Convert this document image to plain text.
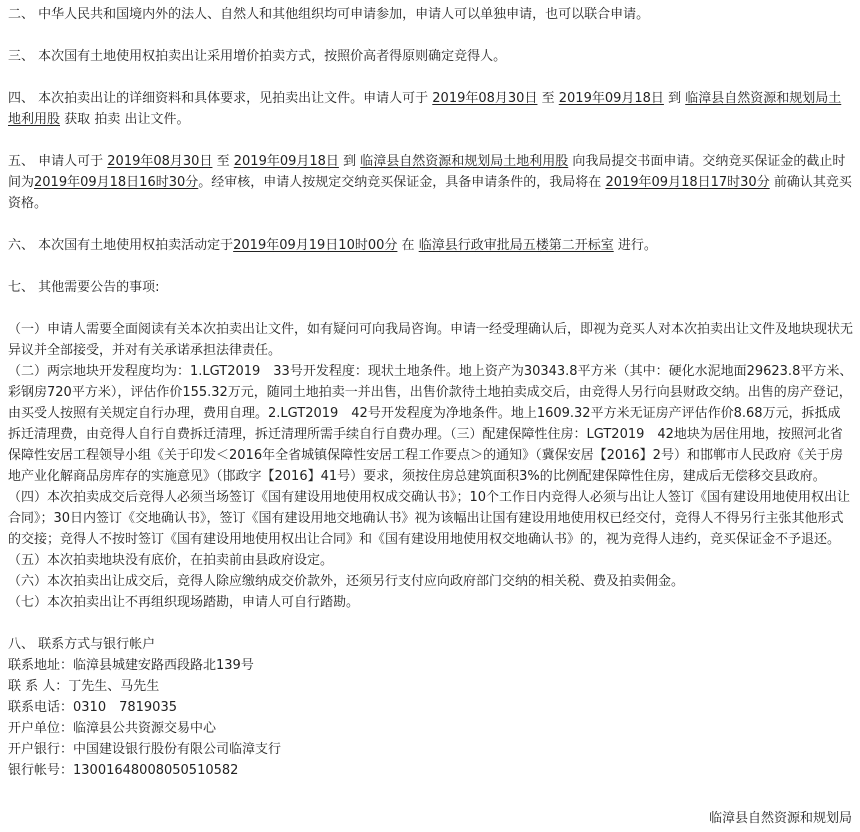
二、 中华人民共和国境内外的法人、自然人和其他组织均可申请参加，申请人可以单独申请，也可以联合申请。

三、 本次国有土地使用权拍卖出让采用增价拍卖方式，按照价高者得原则确定竞得人。

四、 本次拍卖出让的详细资料和具体要求，见拍卖出让文件。申请人可于 2019年08月30日 至 2019年09月18日 到 临漳县自然资源和规划局土地利用股 获取 拍卖 出让文件。

五、 申请人可于 2019年08月30日 至 2019年09月18日 到 临漳县自然资源和规划局土地利用股 向我局提交书面申请。交纳竞买保证金的截止时间为2019年09月18日16时30分。经审核，申请人按规定交纳竞买保证金，具备申请条件的，我局将在 2019年09月18日17时30分 前确认其竞买资格。

六、 本次国有土地使用权拍卖活动定于2019年09月19日10时00分 在 临漳县行政审批局五楼第二开标室 进行。

七、 其他需要公告的事项:

（一）申请人需要全面阅读有关本次拍卖出让文件，如有疑问可向我局咨询。申请一经受理确认后，即视为竞买人对本次拍卖出让文件及地块现状无异议并全部接受，并对有关承诺承担法律责任。

（二）两宗地块开发程度均为：1.LGT2019　33号开发程度：现状土地条件。地上资产为30343.8平方米（其中：硬化水泥地面29623.8平方米、彩钢房720平方米），评估作价155.32万元，随同土地拍卖一并出售，出售价款待土地拍卖成交后，由竞得人另行向县财政交纳。出售的房产登记，由买受人按照有关规定自行办理，费用自理。2.LGT2019　42号开发程度为净地条件。地上1609.32平方米无证房产评估作价8.68万元，拆抵成拆迁清理费，由竞得人自行自费拆迁清理，拆迁清理所需手续自行自费办理。（三）配建保障性住房：LGT2019　42地块为居住用地，按照河北省保障性安居工程领导小组《关于印发＜2016年全省城镇保障性安居工程工作要点＞的通知》（冀保安居【2016】2号）和邯郸市人民政府《关于房地产业化解商品房库存的实施意见》（邯政字【2016】41号）要求，须按住房总建筑面积3%的比例配建保障性住房，建成后无偿移交县政府。

（四）本次拍卖成交后竞得人必须当场签订《国有建设用地使用权成交确认书》；10个工作日内竞得人必须与出让人签订《国有建设用地使用权出让合同》；30日内签订《交地确认书》，签订《国有建设用地交地确认书》视为该幅出让国有建设用地使用权已经交付，竞得人不得另行主张其他形式的交接；竞得人不按时签订《国有建设用地使用权出让合同》和《国有建设用地使用权交地确认书》的，视为竞得人违约，竞买保证金不予退还。

（五）本次拍卖地块没有底价，在拍卖前由县政府设定。

（六）本次拍卖出让成交后，竞得人除应缴纳成交价款外，还须另行支付应向政府部门交纳的相关税、费及拍卖佣金。

（七）本次拍卖出让不再组织现场踏勘，申请人可自行踏勘。

八、 联系方式与银行帐户

联系地址：临漳县城建安路西段路北139号

联 系 人：丁先生、马先生

联系电话：0310　7819035

开户单位：临漳县公共资源交易中心

开户银行：中国建设银行股份有限公司临漳支行

银行帐号：13001648008050510582

临漳县自然资源和规划局
